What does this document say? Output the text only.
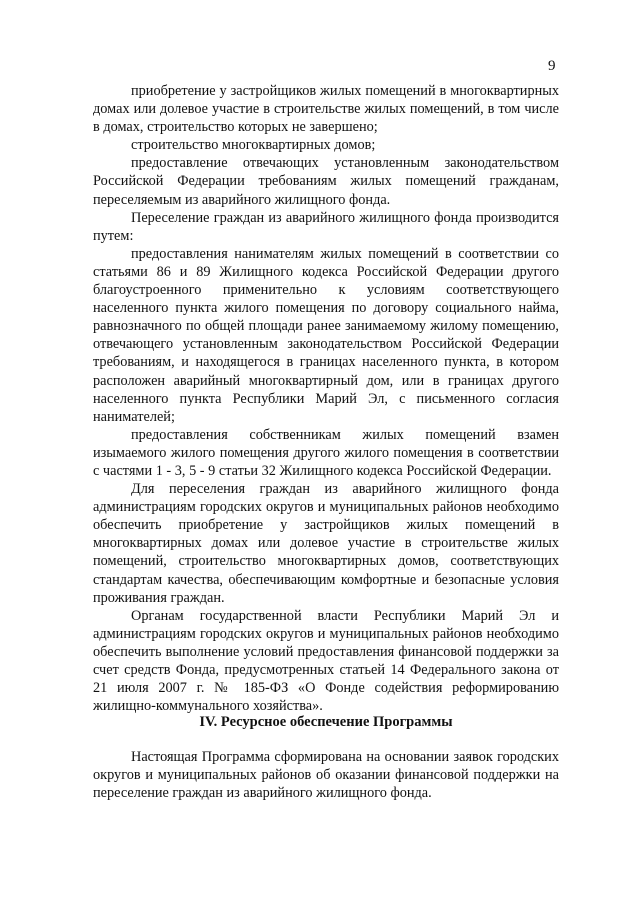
9

приобретение у застройщиков жилых помещений в многоквартирных домах или долевое участие в строительстве жилых помещений, в том числе в домах, строительство которых не завершено;

строительство многоквартирных домов;

предоставление отвечающих установленным законодательством Российской Федерации требованиям жилых помещений гражданам, переселяемым из аварийного жилищного фонда.

Переселение граждан из аварийного жилищного фонда производится путем:

предоставления нанимателям жилых помещений в соответствии со статьями 86 и 89 Жилищного кодекса Российской Федерации другого благоустроенного применительно к условиям соответствующего населенного пункта жилого помещения по договору социального найма, равнозначного по общей площади ранее занимаемому жилому помещению, отвечающего установленным законодательством Российской Федерации требованиям, и находящегося в границах населенного пункта, в котором расположен аварийный многоквартирный дом, или в границах другого населенного пункта Республики Марий Эл, с письменного согласия нанимателей;

предоставления собственникам жилых помещений взамен изымаемого жилого помещения другого жилого помещения в соответствии с частями 1 - 3, 5 - 9 статьи 32 Жилищного кодекса Российской Федерации.

Для переселения граждан из аварийного жилищного фонда администрациям городских округов и муниципальных районов необходимо обеспечить приобретение у застройщиков жилых помещений в многоквартирных домах или долевое участие в строительстве жилых помещений, строительство многоквартирных домов, соответствующих стандартам качества, обеспечивающим комфортные и безопасные условия проживания граждан.

Органам государственной власти Республики Марий Эл и администрациям городских округов и муниципальных районов необходимо обеспечить выполнение условий предоставления финансовой поддержки за счет средств Фонда, предусмотренных статьей 14 Федерального закона от 21 июля 2007 г. № 185-ФЗ «О Фонде содействия реформированию жилищно-коммунального хозяйства».

IV. Ресурсное обеспечение Программы

Настоящая Программа сформирована на основании заявок городских округов и муниципальных районов об оказании финансовой поддержки на переселение граждан из аварийного жилищного фонда.
